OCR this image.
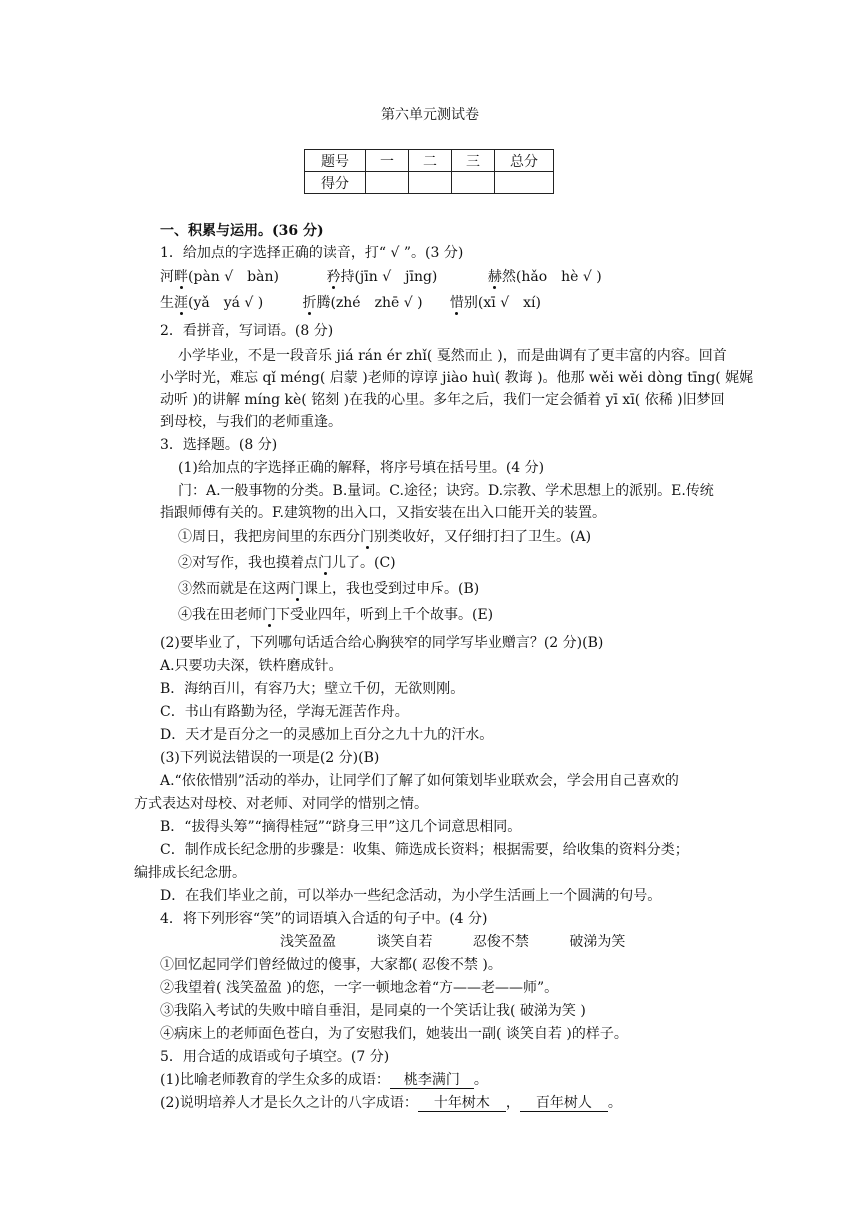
第六单元测试卷
题号	一	二	三	总分
得分				
一、积累与运用。(36 分)
1．给加点的字选择正确的读音，打“ √ ”。(3 分)
河畔(pàn √　bàn)	矜持(jīn √　jīng)	赫然(hǎo　hè √ )
生涯(yǎ　yá √ )	折腾(zhé　zhē √ ) 惜别(xī √　xí)
2．看拼音，写词语。(8 分)
小学毕业，不是一段音乐 jiá rán ér zhǐ( 戛然而止 )，而是曲调有了更丰富的内容。回首
小学时光，难忘 qǐ méng( 启蒙 )老师的谆谆 jiào huì( 教诲 )。他那 wěi wěi dòng tīng( 娓娓
动听 )的讲解 míng kè( 铭刻 )在我的心里。多年之后，我们一定会循着 yī xī( 依稀 )旧梦回
到母校，与我们的老师重逢。
3．选择题。(8 分)
(1)给加点的字选择正确的解释，将序号填在括号里。(4 分)
门：A.一般事物的分类。B.量词。C.途径；诀窍。D.宗教、学术思想上的派别。E.传统
指跟师傅有关的。F.建筑物的出入口，又指安装在出入口能开关的装置。
①周日，我把房间里的东西分门别类收好，又仔细打扫了卫生。(A)
②对写作，我也摸着点门儿了。(C)
③然而就是在这两门课上，我也受到过申斥。(B)
④我在田老师门下受业四年，听到上千个故事。(E)
(2)要毕业了，下列哪句话适合给心胸狭窄的同学写毕业赠言？(2 分)(B)
A.只要功夫深，铁杵磨成针。
B．海纳百川，有容乃大；壁立千仞，无欲则刚。
C．书山有路勤为径，学海无涯苦作舟。
D．天才是百分之一的灵感加上百分之九十九的汗水。
(3)下列说法错误的一项是(2 分)(B)
A.“依依惜别”活动的举办，让同学们了解了如何策划毕业联欢会，学会用自己喜欢的
方式表达对母校、对老师、对同学的惜别之情。
B．“拔得头筹”“摘得桂冠”“跻身三甲”这几个词意思相同。
C．制作成长纪念册的步骤是：收集、筛选成长资料；根据需要，给收集的资料分类；
编排成长纪念册。
D．在我们毕业之前，可以举办一些纪念活动，为小学生活画上一个圆满的句号。
4．将下列形容“笑”的词语填入合适的句子中。(4 分)
浅笑盈盈	谈笑自若	忍俊不禁	破涕为笑
①回忆起同学们曾经做过的傻事，大家都( 忍俊不禁 )。
②我望着( 浅笑盈盈 )的您，一字一顿地念着“方——老——师”。
③我陷入考试的失败中暗自垂泪，是同桌的一个笑话让我( 破涕为笑 )
④病床上的老师面色苍白，为了安慰我们，她装出一副( 谈笑自若 )的样子。
5．用合适的成语或句子填空。(7 分)
(1)比喻老师教育的学生众多的成语： 桃李满门 。
(2)说明培养人才是长久之计的八字成语： 十年树木 ， 百年树人 。
